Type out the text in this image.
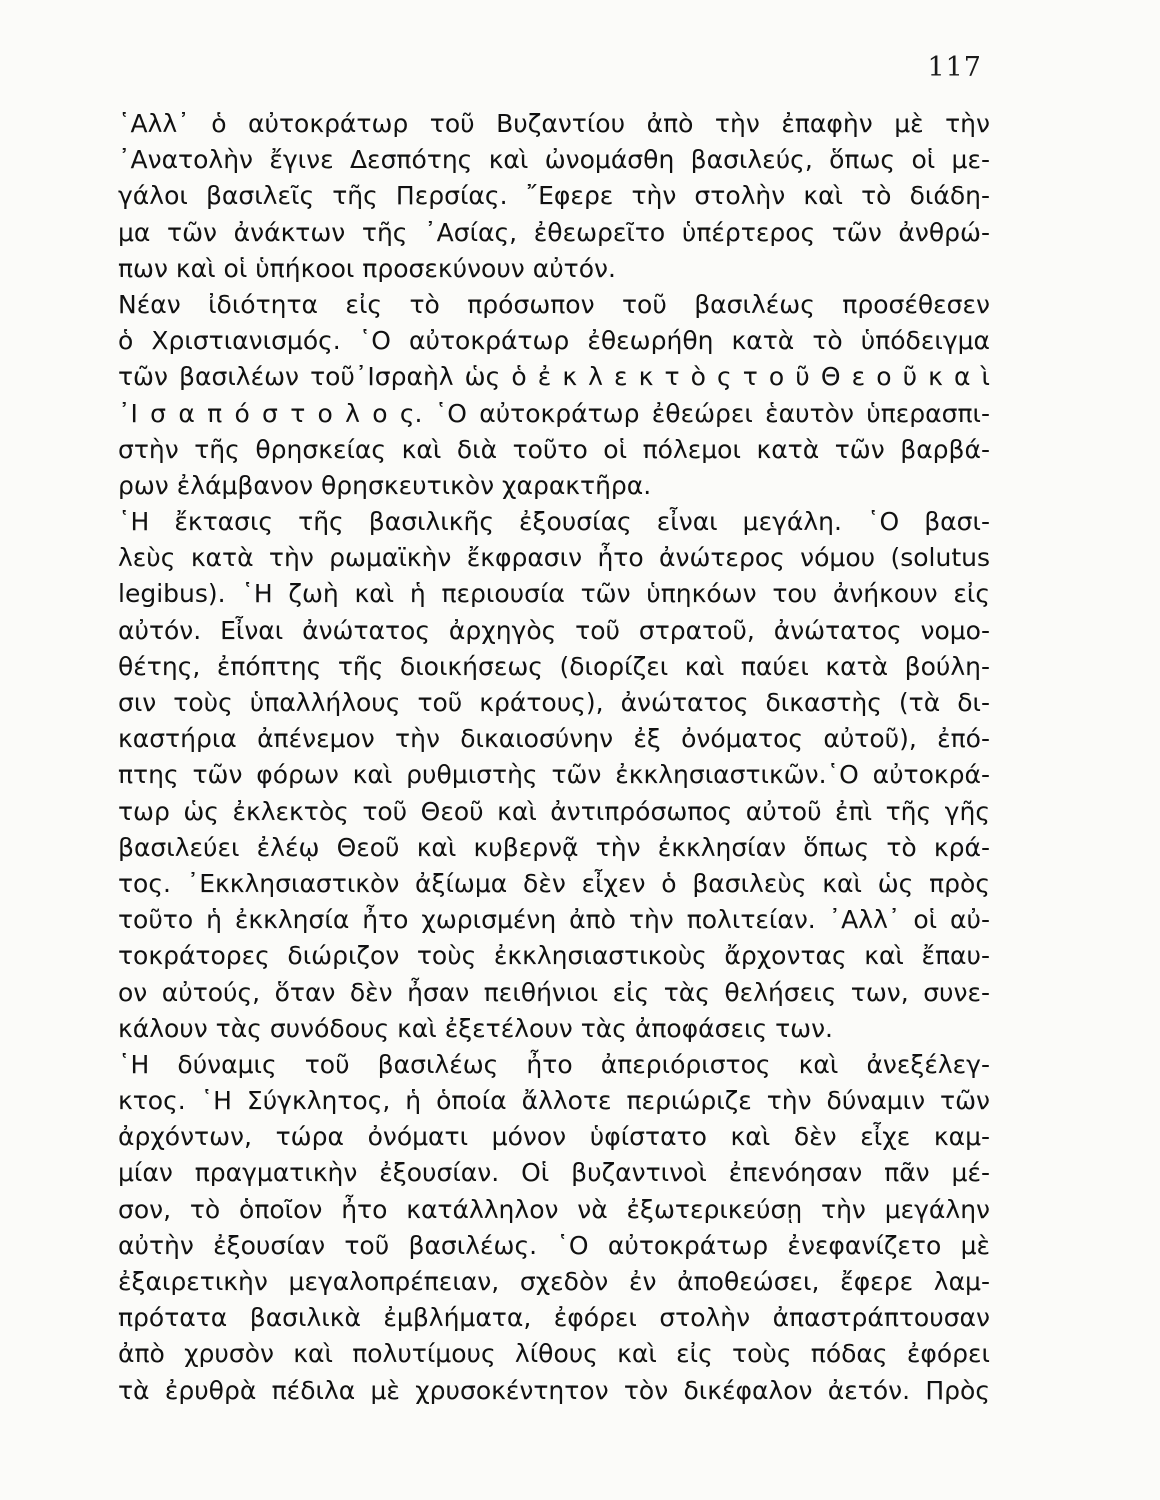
117
῾Αλλ᾿ ὁ αὐτοκράτωρ τοῦ Βυζαντίου ἀπὸ τὴν ἐπαφὴν μὲ τὴν
᾿Ανατολὴν ἔγινε Δεσπότης καὶ ὠνομάσθη βασιλεύς, ὅπως οἱ με-
γάλοι βασιλεῖς τῆς Περσίας. ῎Εφερε τὴν στολὴν καὶ τὸ διάδη-
μα τῶν ἀνάκτων τῆς ᾿Ασίας, ἐθεωρεῖτο ὑπέρτερος τῶν ἀνθρώ-
πων καὶ οἱ ὑπήκοοι προσεκύνουν αὐτόν.
Νέαν ἰδιότητα εἰς τὸ πρόσωπον τοῦ βασιλέως προσέθεσεν
ὁ Χριστιανισμός. ῾Ο αὐτοκράτωρ ἐθεωρήθη κατὰ τὸ ὑπόδειγμα
τῶν βασιλέων τοῦ᾿Ισραὴλ ὡς ὁ ἐ κ λ ε κ τ ὸ ς τ ο ῦ Θ ε ο ῦ κ α ὶ
᾿Ι σ α π ό σ τ ο λ ο ς. ῾Ο αὐτοκράτωρ ἐθεώρει ἑαυτὸν ὑπερασπι-
στὴν τῆς θρησκείας καὶ διὰ τοῦτο οἱ πόλεμοι κατὰ τῶν βαρβά-
ρων ἐλάμβανον θρησκευτικὸν χαρακτῆρα.
῾Η ἔκτασις τῆς βασιλικῆς ἐξουσίας εἶναι μεγάλη. ῾Ο βασι-
λεὺς κατὰ τὴν ρωμαϊκὴν ἔκφρασιν ἦτο ἀνώτερος νόμου (solutus
legibus). ῾Η ζωὴ καὶ ἡ περιουσία τῶν ὑπηκόων του ἀνήκουν εἰς
αὐτόν. Εἶναι ἀνώτατος ἀρχηγὸς τοῦ στρατοῦ, ἀνώτατος νομο-
θέτης, ἐπόπτης τῆς διοικήσεως (διορίζει καὶ παύει κατὰ βούλη-
σιν τοὺς ὑπαλλήλους τοῦ κράτους), ἀνώτατος δικαστὴς (τὰ δι-
καστήρια ἀπένεμον τὴν δικαιοσύνην ἐξ ὀνόματος αὐτοῦ), ἐπό-
πτης τῶν φόρων καὶ ρυθμιστὴς τῶν ἐκκλησιαστικῶν.῾Ο αὐτοκρά-
τωρ ὡς ἐκλεκτὸς τοῦ Θεοῦ καὶ ἀντιπρόσωπος αὐτοῦ ἐπὶ τῆς γῆς
βασιλεύει ἐλέῳ Θεοῦ καὶ κυβερνᾷ τὴν ἐκκλησίαν ὅπως τὸ κρά-
τος. ᾿Εκκλησιαστικὸν ἀξίωμα δὲν εἶχεν ὁ βασιλεὺς καὶ ὡς πρὸς
τοῦτο ἡ ἐκκλησία ἦτο χωρισμένη ἀπὸ τὴν πολιτείαν. ᾿Αλλ᾿ οἱ αὐ-
τοκράτορες διώριζον τοὺς ἐκκλησιαστικοὺς ἄρχοντας καὶ ἔπαυ-
ον αὐτούς, ὅταν δὲν ἦσαν πειθήνιοι εἰς τὰς θελήσεις των, συνε-
κάλουν τὰς συνόδους καὶ ἐξετέλουν τὰς ἀποφάσεις των.
῾Η δύναμις τοῦ βασιλέως ἦτο ἀπεριόριστος καὶ ἀνεξέλεγ-
κτος. ῾Η Σύγκλητος, ἡ ὁποία ἄλλοτε περιώριζε τὴν δύναμιν τῶν
ἀρχόντων, τώρα ὀνόματι μόνον ὑφίστατο καὶ δὲν εἶχε καμ-
μίαν πραγματικὴν ἐξουσίαν. Οἱ βυζαντινοὶ ἐπενόησαν πᾶν μέ-
σον, τὸ ὁποῖον ἦτο κατάλληλον νὰ ἐξωτερικεύσῃ τὴν μεγάλην
αὐτὴν ἐξουσίαν τοῦ βασιλέως. ῾Ο αὐτοκράτωρ ἐνεφανίζετο μὲ
ἐξαιρετικὴν μεγαλοπρέπειαν, σχεδὸν ἐν ἀποθεώσει, ἔφερε λαμ-
πρότατα βασιλικὰ ἐμβλήματα, ἐφόρει στολὴν ἀπαστράπτουσαν
ἀπὸ χρυσὸν καὶ πολυτίμους λίθους καὶ εἰς τοὺς πόδας ἐφόρει
τὰ ἐρυθρὰ πέδιλα μὲ χρυσοκέντητον τὸν δικέφαλον ἀετόν. Πρὸς
